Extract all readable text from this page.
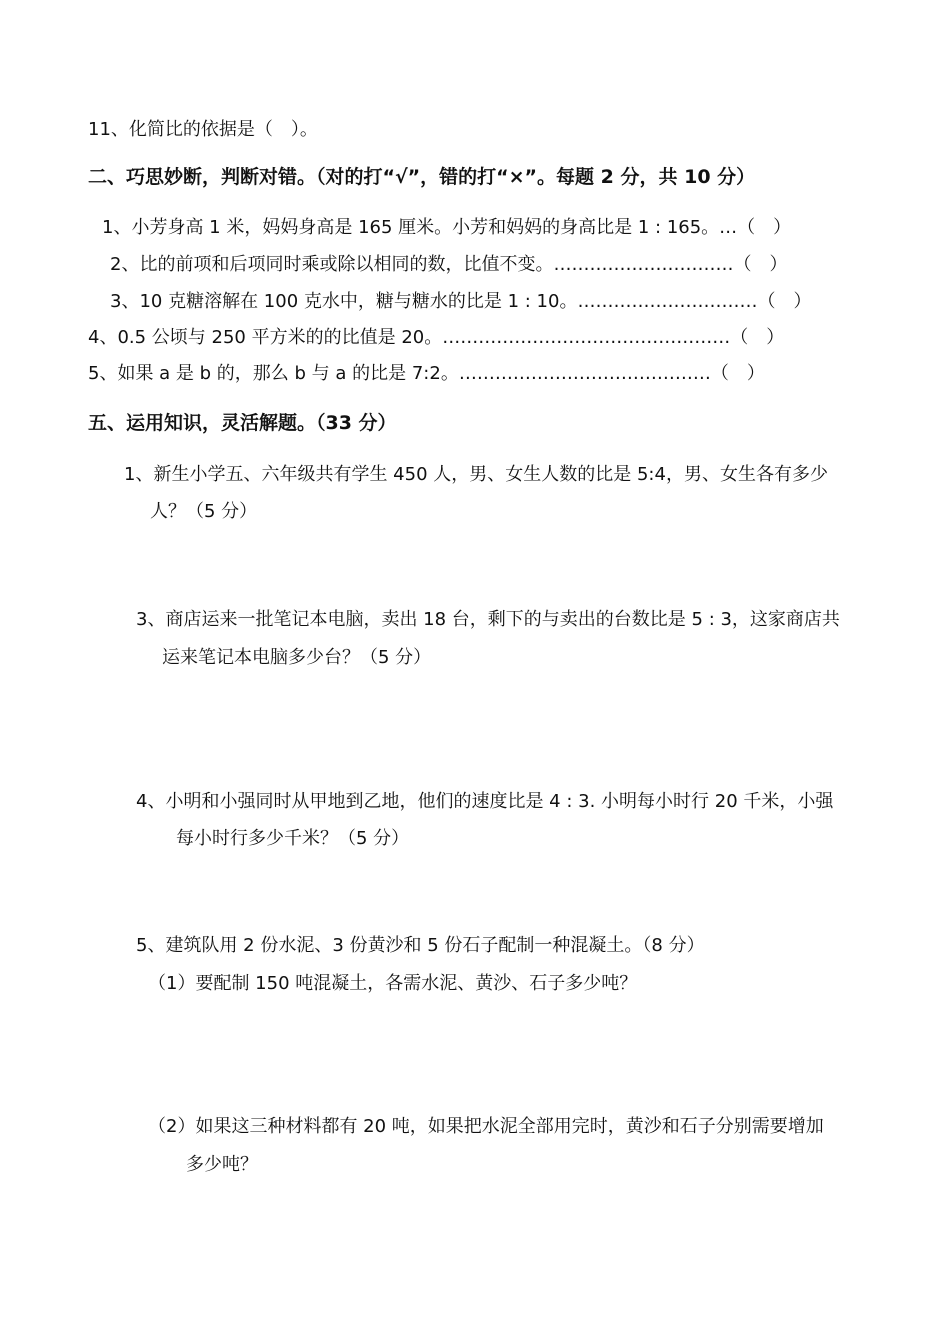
11、化简比的依据是（　）。
二、巧思妙断，判断对错。（对的打“√”，错的打“×”。每题 2 分，共 10 分）
1、小芳身高 1 米，妈妈身高是 165 厘米。小芳和妈妈的身高比是 1 : 165。…（　）
2、比的前项和后项同时乘或除以相同的数，比值不变。…………………………（　）
3、10 克糖溶解在 100 克水中，糖与糖水的比是 1 : 10。…………………………（　）
4、0.5 公顷与 250 平方米的的比值是 20。…………………………………………（　）
5、如果 a 是 b 的，那么 b 与 a 的比是 7:2。……………………………………（　）
五、运用知识，灵活解题。（33 分）
1、新生小学五、六年级共有学生 450 人，男、女生人数的比是 5:4，男、女生各有多少
人？（5 分）
3、商店运来一批笔记本电脑，卖出 18 台，剩下的与卖出的台数比是 5 : 3，这家商店共
运来笔记本电脑多少台？（5 分）
4、小明和小强同时从甲地到乙地，他们的速度比是 4 : 3. 小明每小时行 20 千米，小强
每小时行多少千米？（5 分）
5、建筑队用 2 份水泥、3 份黄沙和 5 份石子配制一种混凝土。（8 分）
（1）要配制 150 吨混凝土，各需水泥、黄沙、石子多少吨？
（2）如果这三种材料都有 20 吨，如果把水泥全部用完时，黄沙和石子分别需要增加
多少吨？
